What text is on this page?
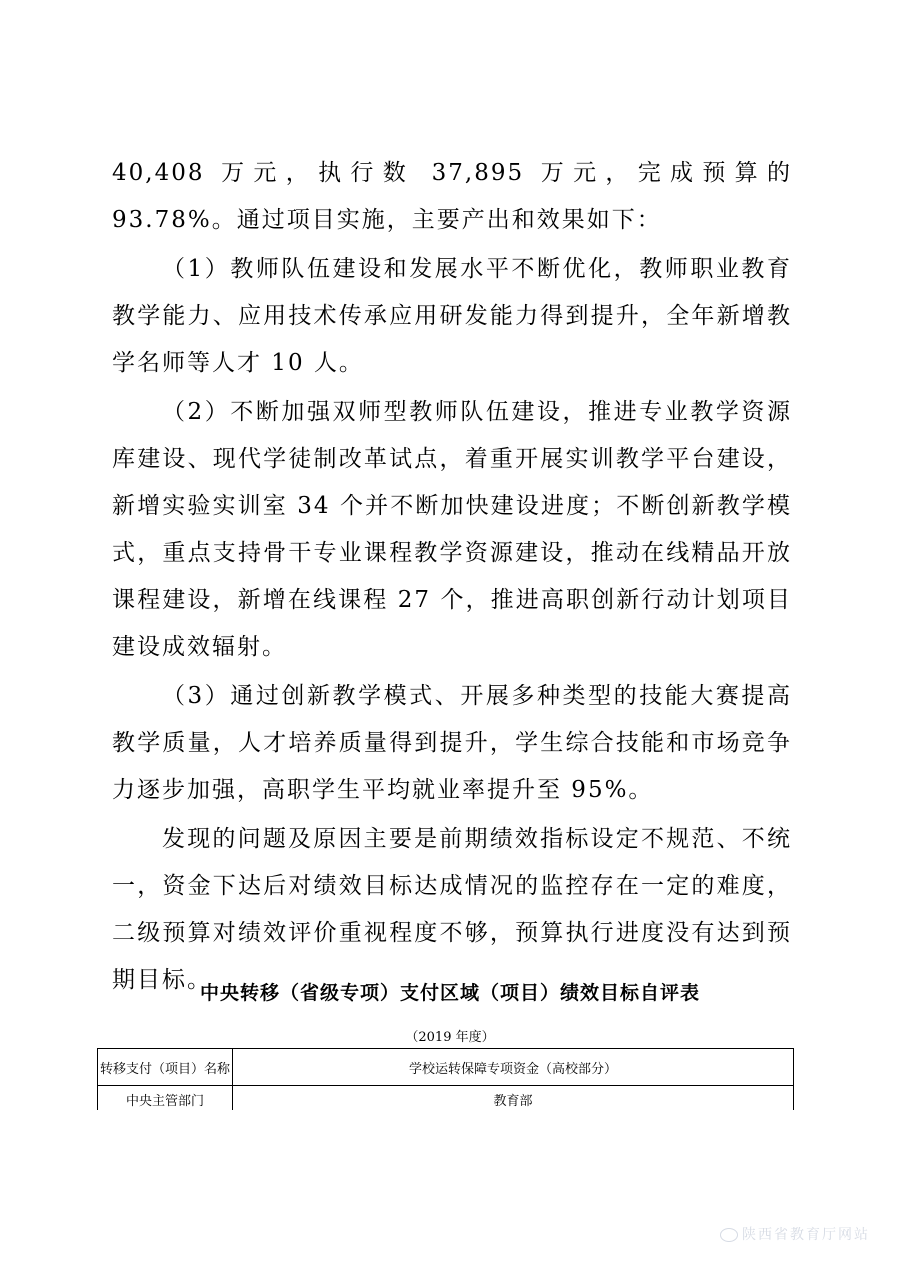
40,408 万元，执行数 37,895 万元，完成预算的 93.78%。通过项目实施，主要产出和效果如下：

（1）教师队伍建设和发展水平不断优化，教师职业教育教学能力、应用技术传承应用研发能力得到提升，全年新增教学名师等人才 10 人。

（2）不断加强双师型教师队伍建设，推进专业教学资源库建设、现代学徒制改革试点，着重开展实训教学平台建设，新增实验实训室 34 个并不断加快建设进度；不断创新教学模式，重点支持骨干专业课程教学资源建设，推动在线精品开放课程建设，新增在线课程 27 个，推进高职创新行动计划项目建设成效辐射。

（3）通过创新教学模式、开展多种类型的技能大赛提高教学质量，人才培养质量得到提升，学生综合技能和市场竞争力逐步加强，高职学生平均就业率提升至 95%。

发现的问题及原因主要是前期绩效指标设定不规范、不统一，资金下达后对绩效目标达成情况的监控存在一定的难度，二级预算对绩效评价重视程度不够，预算执行进度没有达到预期目标。

中央转移（省级专项）支付区域（项目）绩效目标自评表
（2019 年度）
转移支付（项目）名称	学校运转保障专项资金（高校部分）
中央主管部门	教育部
陕西省教育厅网站
